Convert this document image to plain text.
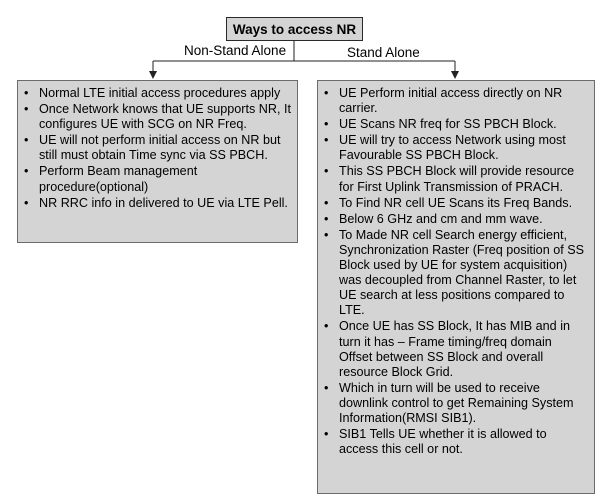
Ways to access NR
Non-Stand Alone	Stand Alone
• Normal LTE initial access procedures apply
• Once Network knows that UE supports NR, It configures UE with SCG on NR Freq.
• UE will not perform initial access on NR but still must obtain Time sync via SS PBCH.
• Perform Beam management procedure(optional)
• NR RRC info in delivered to UE via LTE Pell.
• UE Perform initial access directly on NR carrier.
• UE Scans NR freq for SS PBCH Block.
• UE will try to access Network using most Favourable SS PBCH Block.
• This SS PBCH Block will provide resource for First Uplink Transmission of PRACH.
• To Find NR cell UE Scans its Freq Bands.
• Below 6 GHz and cm and mm wave.
• To Made NR cell Search energy efficient, Synchronization Raster (Freq position of SS Block used by UE for system acquisition) was decoupled from Channel Raster, to let UE search at less positions compared to LTE.
• Once UE has SS Block, It has MIB and in turn it has – Frame timing/freq domain Offset between SS Block and overall resource Block Grid.
• Which in turn will be used to receive downlink control to get Remaining System Information(RMSI SIB1).
• SIB1 Tells UE whether it is allowed to access this cell or not.
